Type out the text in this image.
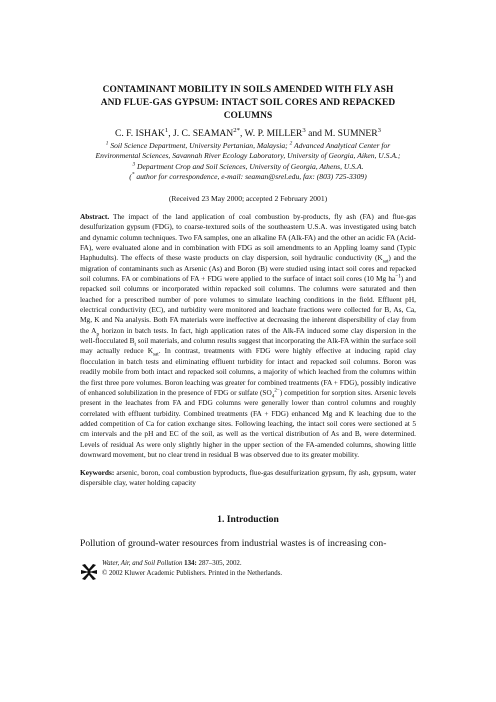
CONTAMINANT MOBILITY IN SOILS AMENDED WITH FLY ASH
AND FLUE-GAS GYPSUM: INTACT SOIL CORES AND REPACKED
COLUMNS
C. F. ISHAK$^1$, J. C. $SEAMAN^{2*}$, W. P. MILLER$^3$ and M. SUMNER$^3$
$^1$ Soil Science Department, University Pertanian, Malaysia; $^2$ Advanced Analytical Center for
Environmental Sciences, Savannah River Ecology Laboratory, University of Georgia, Aiken, U.S.A.;
$^3$ Department Crop and Soil Sciences, University of Georgia, Athens, U.S.A.
(* author for correspondence, e-mail: seaman@srel.edu, fax: (803) 725-3309)
(Received 23 May 2000; accepted 2 February 2001)
Abstract. The impact of the land application of coal combustion by-products, fly ash (FA) and flue-gas desulfurization gypsum (FDG), to coarse-textured soils of the southeastern U.S.A. was investigated using batch and dynamic column techniques. Two FA samples, one an alkaline FA (Alk-FA) and the other an acidic FA (Acid-FA), were evaluated alone and in combination with FDG as soil amendments to an Appling loamy sand (Typic Haphudults). The effects of these waste products on clay dispersion, soil hydraulic conductivity $(K_{sat})$ and the migration of contaminants such as Arsenic (As) and Boron (B) were studied using intact soil cores and repacked soil columns. FA or combinations of FA + FDG were applied to the surface of intact soil cores (10 Mg $ha^{-1}$) and repacked soil columns or incorporated within repacked soil columns. The columns were saturated and then leached for a prescribed number of pore volumes to simulate leaching conditions in the field. Effluent pH, electrical conductivity (EC), and turbidity were monitored and leachate fractions were collected for B, As, Ca, Mg, K and Na analysis. Both FA materials were ineffective at decreasing the inherent dispersibility of clay from the $A_p$ horizon in batch tests. In fact, high application rates of the Alk-FA induced some clay dispersion in the well-flocculated $B_t$ soil materials, and column results suggest that incorporating the Alk-FA within the surface soil may actually reduce $K_{sat}$. In contrast, treatments with FDG were highly effective at inducing rapid clay flocculation in batch tests and eliminating effluent turbidity for intact and repacked soil columns. Boron was readily mobile from both intact and repacked soil columns, a majority of which leached from the columns within the first three pore volumes. Boron leaching was greater for combined treatments (FA + FDG), possibly indicative of enhanced solubilization in the presence of FDG or sulfate $(SO_4^{2-})$ competition for sorption sites. Arsenic levels present in the leachates from FA and FDG columns were generally lower than control columns and roughly correlated with effluent turbidity. Combined treatments (FA + FDG) enhanced Mg and K leaching due to the added competition of Ca for cation exchange sites. Following leaching, the intact soil cores were sectioned at 5 cm intervals and the pH and EC of the soil, as well as the vertical distribution of As and B, were determined. Levels of residual As were only slightly higher in the upper section of the FA-amended columns, showing little downward movement, but no clear trend in residual B was observed due to its greater mobility.
Keywords: arsenic, boron, coal combustion byproducts, flue-gas desulfurization gypsum, fly ash, gypsum, water dispersible clay, water holding capacity
1. Introduction
Pollution of ground-water resources from industrial wastes is of increasing con-
Water, Air, and Soil Pollution 134: 287–305, 2002.
© 2002 Kluwer Academic Publishers. Printed in the Netherlands.
